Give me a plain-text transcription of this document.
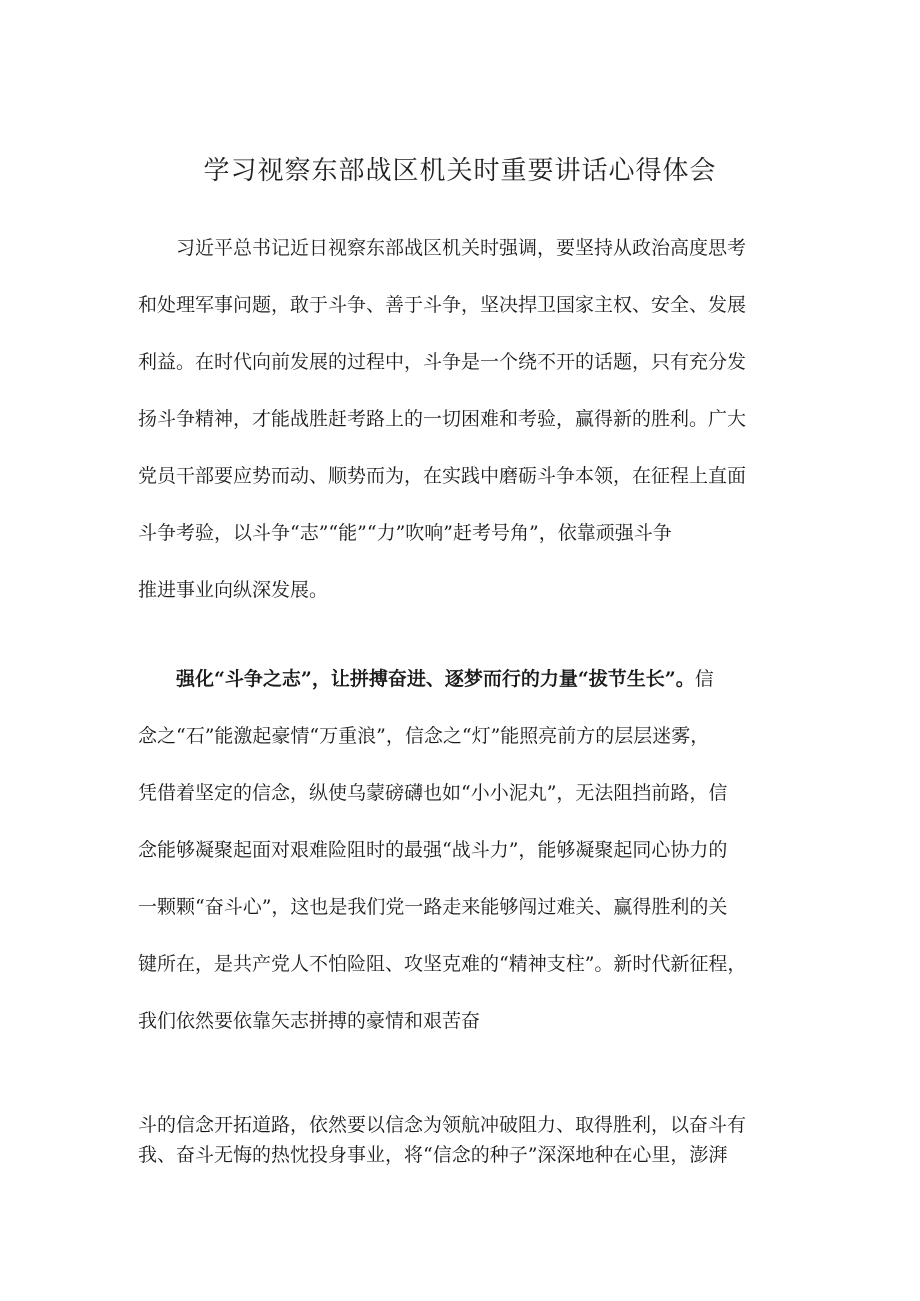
学习视察东部战区机关时重要讲话心得体会
习近平总书记近日视察东部战区机关时强调，要坚持从政治高度思考
和处理军事问题，敢于斗争、善于斗争，坚决捍卫国家主权、安全、发展
利益。在时代向前发展的过程中，斗争是一个绕不开的话题，只有充分发
扬斗争精神，才能战胜赶考路上的一切困难和考验，赢得新的胜利。广大
党员干部要应势而动、顺势而为，在实践中磨砺斗争本领，在征程上直面
斗争考验，以斗争“志”“能”“力”吹响”赶考号角”，依靠顽强斗争
推进事业向纵深发展。
强化“斗争之志”，让拼搏奋进、逐梦而行的力量“拔节生长”。信
念之“石”能激起豪情“万重浪”，信念之“灯”能照亮前方的层层迷雾，
凭借着坚定的信念，纵使乌蒙磅礴也如“小小泥丸”，无法阻挡前路，信
念能够凝聚起面对艰难险阻时的最强“战斗力”，能够凝聚起同心协力的
一颗颗“奋斗心”，这也是我们党一路走来能够闯过难关、赢得胜利的关
键所在，是共产党人不怕险阻、攻坚克难的“精神支柱”。新时代新征程，
我们依然要依靠矢志拼搏的豪情和艰苦奋
斗的信念开拓道路，依然要以信念为领航冲破阻力、取得胜利，以奋斗有
我、奋斗无悔的热忱投身事业，将“信念的种子”深深地种在心里，澎湃
